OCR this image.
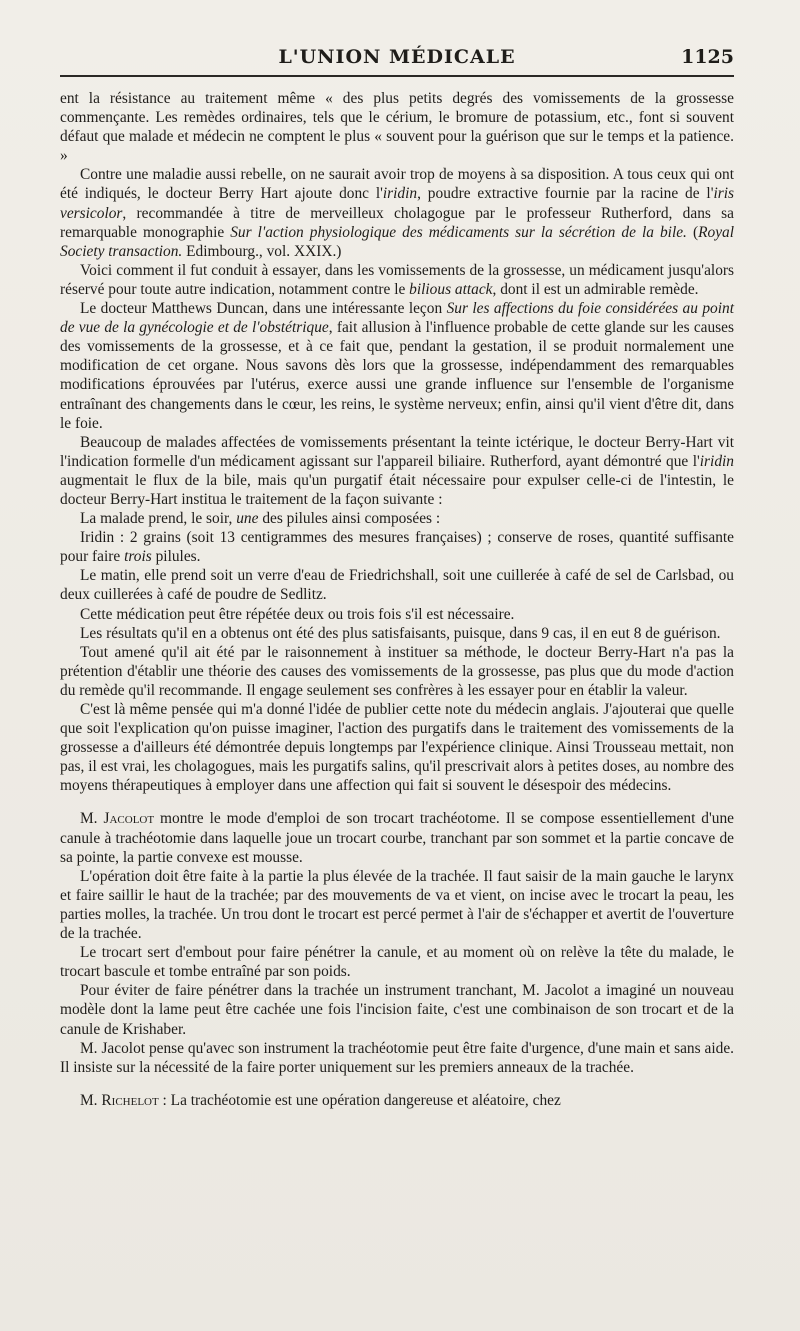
L'UNION MÉDICALE	1125

ent la résistance au traitement même « des plus petits degrés des vomissements de la grossesse commençante. Les remèdes ordinaires, tels que le cérium, le bromure de potassium, etc., font si souvent défaut que malade et médecin ne comptent le plus « souvent pour la guérison que sur le temps et la patience. »

Contre une maladie aussi rebelle, on ne saurait avoir trop de moyens à sa disposition. A tous ceux qui ont été indiqués, le docteur Berry Hart ajoute donc l'iridin, poudre extractive fournie par la racine de l'iris versicolor, recommandée à titre de merveilleux cholagogue par le professeur Rutherford, dans sa remarquable monographie Sur l'action physiologique des médicaments sur la sécrétion de la bile. (Royal Society transaction. Edimbourg., vol. XXIX.)

Voici comment il fut conduit à essayer, dans les vomissements de la grossesse, un médicament jusqu'alors réservé pour toute autre indication, notamment contre le bilious attack, dont il est un admirable remède.

Le docteur Matthews Duncan, dans une intéressante leçon Sur les affections du foie considérées au point de vue de la gynécologie et de l'obstétrique, fait allusion à l'influence probable de cette glande sur les causes des vomissements de la grossesse, et à ce fait que, pendant la gestation, il se produit normalement une modification de cet organe. Nous savons dès lors que la grossesse, indépendamment des remarquables modifications éprouvées par l'utérus, exerce aussi une grande influence sur l'ensemble de l'organisme entraînant des changements dans le cœur, les reins, le système nerveux; enfin, ainsi qu'il vient d'être dit, dans le foie.

Beaucoup de malades affectées de vomissements présentant la teinte ictérique, le docteur Berry-Hart vit l'indication formelle d'un médicament agissant sur l'appareil biliaire. Rutherford, ayant démontré que l'iridin augmentait le flux de la bile, mais qu'un purgatif était nécessaire pour expulser celle-ci de l'intestin, le docteur Berry-Hart institua le traitement de la façon suivante :

La malade prend, le soir, une des pilules ainsi composées :

Iridin : 2 grains (soit 13 centigrammes des mesures françaises) ; conserve de roses, quantité suffisante pour faire trois pilules.

Le matin, elle prend soit un verre d'eau de Friedrichshall, soit une cuillerée à café de sel de Carlsbad, ou deux cuillerées à café de poudre de Sedlitz.

Cette médication peut être répétée deux ou trois fois s'il est nécessaire.

Les résultats qu'il en a obtenus ont été des plus satisfaisants, puisque, dans 9 cas, il en eut 8 de guérison.

Tout amené qu'il ait été par le raisonnement à instituer sa méthode, le docteur Berry-Hart n'a pas la prétention d'établir une théorie des causes des vomissements de la grossesse, pas plus que du mode d'action du remède qu'il recommande. Il engage seulement ses confrères à les essayer pour en établir la valeur.

C'est là même pensée qui m'a donné l'idée de publier cette note du médecin anglais. J'ajouterai que quelle que soit l'explication qu'on puisse imaginer, l'action des purgatifs dans le traitement des vomissements de la grossesse a d'ailleurs été démontrée depuis longtemps par l'expérience clinique. Ainsi Trousseau mettait, non pas, il est vrai, les cholagogues, mais les purgatifs salins, qu'il prescrivait alors à petites doses, au nombre des moyens thérapeutiques à employer dans une affection qui fait si souvent le désespoir des médecins.

M. Jacolot montre le mode d'emploi de son trocart trachéotome. Il se compose essentiellement d'une canule à trachéotomie dans laquelle joue un trocart courbe, tranchant par son sommet et la partie concave de sa pointe, la partie convexe est mousse.

L'opération doit être faite à la partie la plus élevée de la trachée. Il faut saisir de la main gauche le larynx et faire saillir le haut de la trachée; par des mouvements de va et vient, on incise avec le trocart la peau, les parties molles, la trachée. Un trou dont le trocart est percé permet à l'air de s'échapper et avertit de l'ouverture de la trachée.

Le trocart sert d'embout pour faire pénétrer la canule, et au moment où on relève la tête du malade, le trocart bascule et tombe entraîné par son poids.

Pour éviter de faire pénétrer dans la trachée un instrument tranchant, M. Jacolot a imaginé un nouveau modèle dont la lame peut être cachée une fois l'incision faite, c'est une combinaison de son trocart et de la canule de Krishaber.

M. Jacolot pense qu'avec son instrument la trachéotomie peut être faite d'urgence, d'une main et sans aide. Il insiste sur la nécessité de la faire porter uniquement sur les premiers anneaux de la trachée.

M. Richelot : La trachéotomie est une opération dangereuse et aléatoire, chez
